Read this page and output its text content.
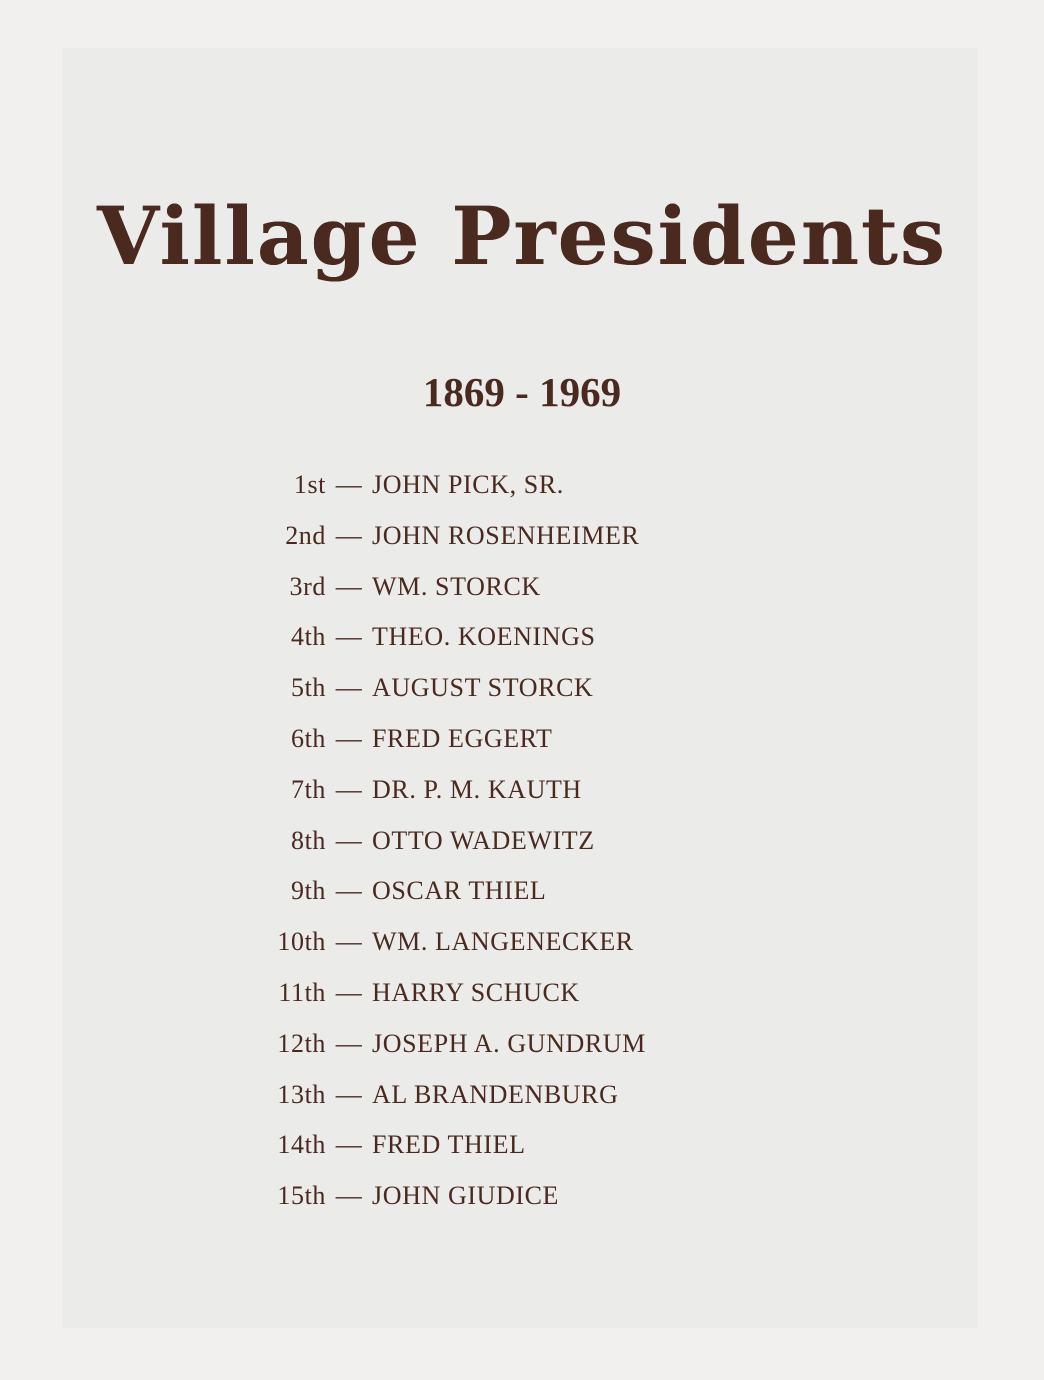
Village Presidents
1869 - 1969
1st — JOHN PICK, SR.
2nd — JOHN ROSENHEIMER
3rd — WM. STORCK
4th — THEO. KOENINGS
5th — AUGUST STORCK
6th — FRED EGGERT
7th — DR. P. M. KAUTH
8th — OTTO WADEWITZ
9th — OSCAR THIEL
10th — WM. LANGENECKER
11th — HARRY SCHUCK
12th — JOSEPH A. GUNDRUM
13th — AL BRANDENBURG
14th — FRED THIEL
15th — JOHN GIUDICE
